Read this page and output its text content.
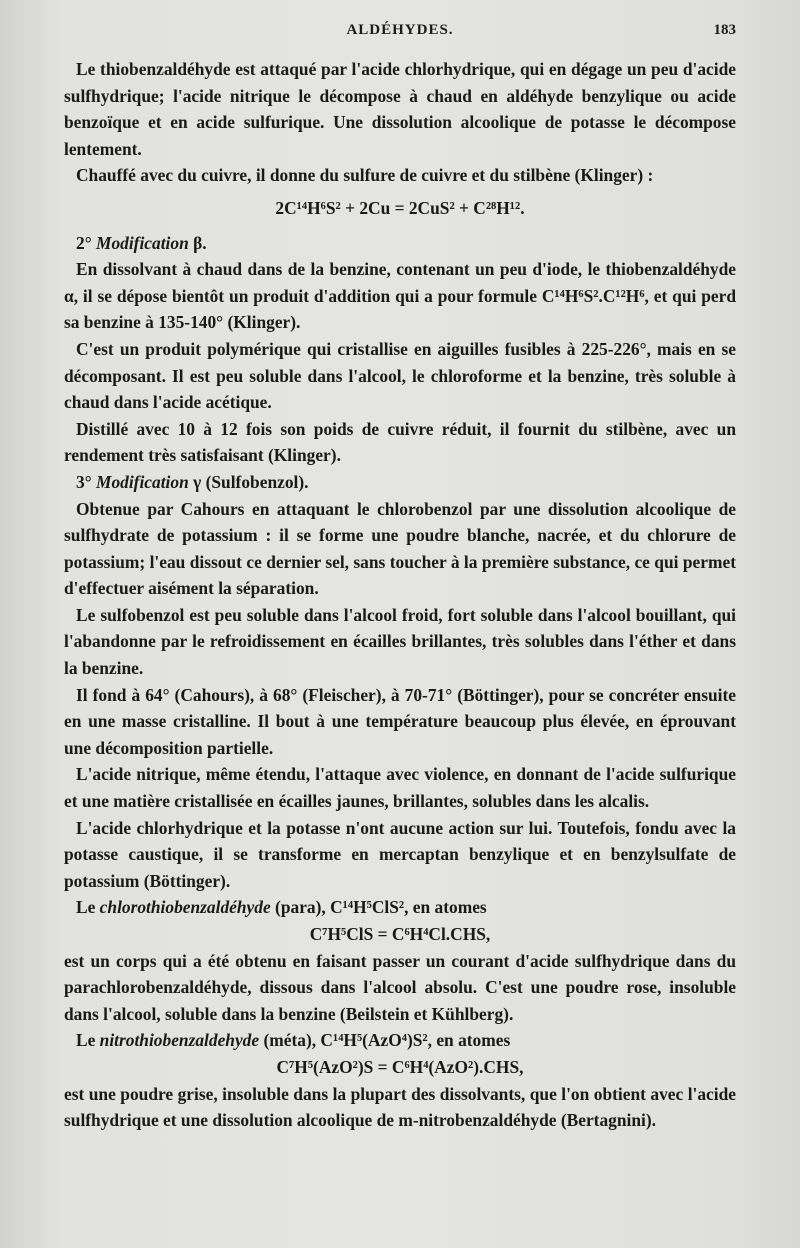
ALDÉHYDES.	183

Le thiobenzaldéhyde est attaqué par l'acide chlorhydrique, qui en dégage un peu d'acide sulfhydrique; l'acide nitrique le décompose à chaud en aldéhyde benzylique ou acide benzoïque et en acide sulfurique. Une dissolution alcoolique de potasse le décompose lentement.

Chauffé avec du cuivre, il donne du sulfure de cuivre et du stilbène (Klinger) :

2C¹⁴H⁶S² + 2Cu = 2CuS² + C²⁸H¹².

2° Modification β.

En dissolvant à chaud dans de la benzine, contenant un peu d'iode, le thiobenzaldéhyde α, il se dépose bientôt un produit d'addition qui a pour formule C¹⁴H⁶S².C¹²H⁶, et qui perd sa benzine à 135-140° (Klinger).

C'est un produit polymérique qui cristallise en aiguilles fusibles à 225-226°, mais en se décomposant. Il est peu soluble dans l'alcool, le chloroforme et la benzine, très soluble à chaud dans l'acide acétique.

Distillé avec 10 à 12 fois son poids de cuivre réduit, il fournit du stilbène, avec un rendement très satisfaisant (Klinger).

3° Modification γ (Sulfobenzol).

Obtenue par Cahours en attaquant le chlorobenzol par une dissolution alcoolique de sulfhydrate de potassium : il se forme une poudre blanche, nacrée, et du chlorure de potassium; l'eau dissout ce dernier sel, sans toucher à la première substance, ce qui permet d'effectuer aisément la séparation.

Le sulfobenzol est peu soluble dans l'alcool froid, fort soluble dans l'alcool bouillant, qui l'abandonne par le refroidissement en écailles brillantes, très solubles dans l'éther et dans la benzine.

Il fond à 64° (Cahours), à 68° (Fleischer), à 70-71° (Böttinger), pour se concréter ensuite en une masse cristalline. Il bout à une température beaucoup plus élevée, en éprouvant une décomposition partielle.

L'acide nitrique, même étendu, l'attaque avec violence, en donnant de l'acide sulfurique et une matière cristallisée en écailles jaunes, brillantes, solubles dans les alcalis.

L'acide chlorhydrique et la potasse n'ont aucune action sur lui. Toutefois, fondu avec la potasse caustique, il se transforme en mercaptan benzylique et en benzylsulfate de potassium (Böttinger).

Le chlorothiobenzaldéhyde (para), C¹⁴H⁵ClS², en atomes

C⁷H⁵ClS = C⁶H⁴Cl.CHS,

est un corps qui a été obtenu en faisant passer un courant d'acide sulfhydrique dans du parachlorobenzaldéhyde, dissous dans l'alcool absolu. C'est une poudre rose, insoluble dans l'alcool, soluble dans la benzine (Beilstein et Kühlberg).

Le nitrothiobenzaldehyde (méta), C¹⁴H⁵(AzO⁴)S², en atomes

C⁷H⁵(AzO²)S = C⁶H⁴(AzO²).CHS,

est une poudre grise, insoluble dans la plupart des dissolvants, que l'on obtient avec l'acide sulfhydrique et une dissolution alcoolique de m-nitrobenzaldéhyde (Bertagnini).
